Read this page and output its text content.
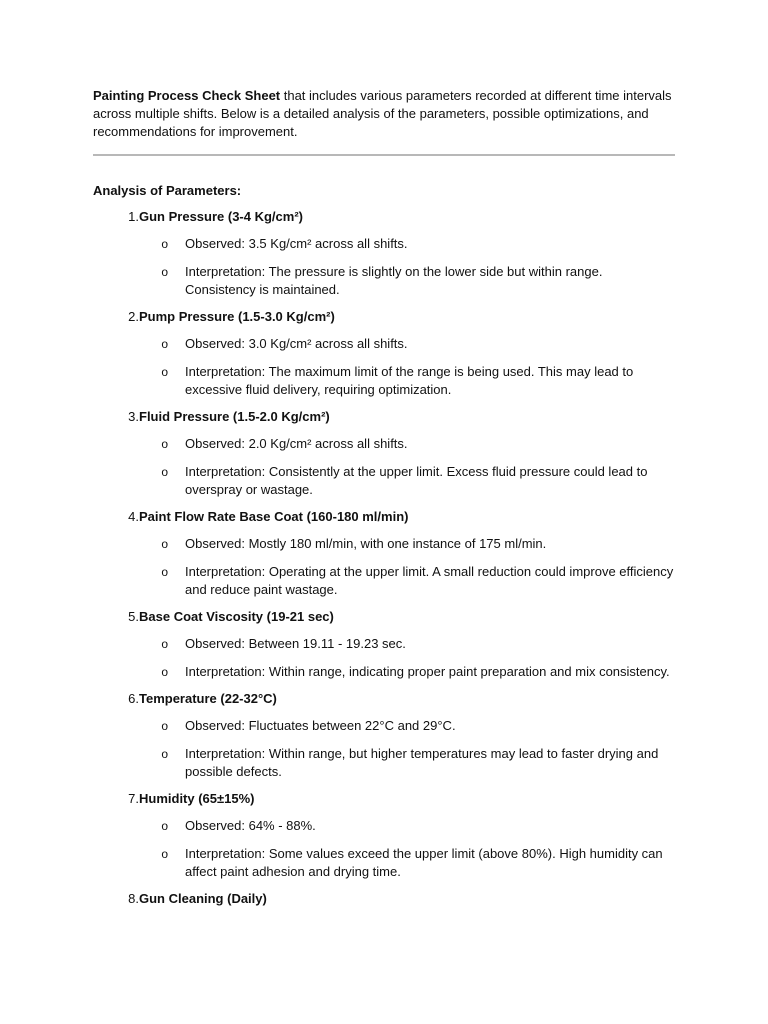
Painting Process Check Sheet that includes various parameters recorded at different time intervals across multiple shifts. Below is a detailed analysis of the parameters, possible optimizations, and recommendations for improvement.

Analysis of Parameters:
1. Gun Pressure (3-4 Kg/cm²)
o	Observed: 3.5 Kg/cm² across all shifts.
o	Interpretation: The pressure is slightly on the lower side but within range. Consistency is maintained.
2. Pump Pressure (1.5-3.0 Kg/cm²)
o	Observed: 3.0 Kg/cm² across all shifts.
o	Interpretation: The maximum limit of the range is being used. This may lead to excessive fluid delivery, requiring optimization.
3. Fluid Pressure (1.5-2.0 Kg/cm²)
o	Observed: 2.0 Kg/cm² across all shifts.
o	Interpretation: Consistently at the upper limit. Excess fluid pressure could lead to overspray or wastage.
4. Paint Flow Rate Base Coat (160-180 ml/min)
o	Observed: Mostly 180 ml/min, with one instance of 175 ml/min.
o	Interpretation: Operating at the upper limit. A small reduction could improve efficiency and reduce paint wastage.
5. Base Coat Viscosity (19-21 sec)
o	Observed: Between 19.11 - 19.23 sec.
o	Interpretation: Within range, indicating proper paint preparation and mix consistency.
6. Temperature (22-32°C)
o	Observed: Fluctuates between 22°C and 29°C.
o	Interpretation: Within range, but higher temperatures may lead to faster drying and possible defects.
7. Humidity (65±15%)
o	Observed: 64% - 88%.
o	Interpretation: Some values exceed the upper limit (above 80%). High humidity can affect paint adhesion and drying time.
8. Gun Cleaning (Daily)
